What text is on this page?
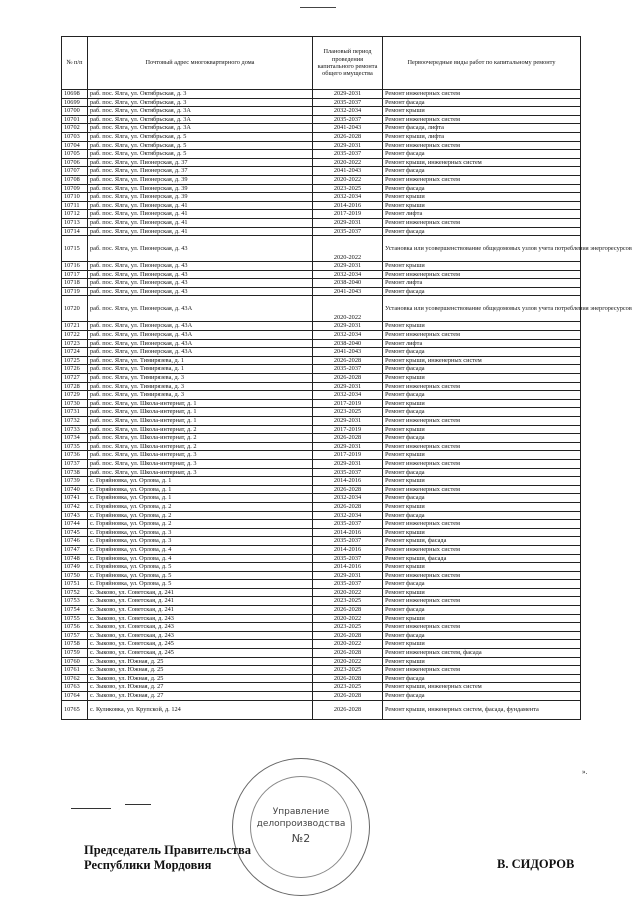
№ п/п	Почтовый адрес многоквартирного дома	Плановый период проведения капитального ремонта общего имущества	Первоочередные виды работ по капитальному ремонту
10698	раб. пос. Ялга, ул. Октябрьская, д. 3	2029-2031	Ремонт инженерных систем
10699	раб. пос. Ялга, ул. Октябрьская, д. 3	2035-2037	Ремонт фасада
10700	раб. пос. Ялга, ул. Октябрьская, д. 3А	2032-2034	Ремонт крыши
10701	раб. пос. Ялга, ул. Октябрьская, д. 3А	2035-2037	Ремонт инженерных систем
10702	раб. пос. Ялга, ул. Октябрьская, д. 3А	2041-2043	Ремонт фасада, лифта
10703	раб. пос. Ялга, ул. Октябрьская, д. 5	2026-2028	Ремонт крыши, лифта
10704	раб. пос. Ялга, ул. Октябрьская, д. 5	2029-2031	Ремонт инженерных систем
10705	раб. пос. Ялга, ул. Октябрьская, д. 5	2035-2037	Ремонт фасада
10706	раб. пос. Ялга, ул. Пионерская, д. 37	2020-2022	Ремонт крыши, инженерных систем
10707	раб. пос. Ялга, ул. Пионерская, д. 37	2041-2043	Ремонт фасада
10708	раб. пос. Ялга, ул. Пионерская, д. 39	2020-2022	Ремонт инженерных систем
10709	раб. пос. Ялга, ул. Пионерская, д. 39	2023-2025	Ремонт фасада
10710	раб. пос. Ялга, ул. Пионерская, д. 39	2032-2034	Ремонт крыши
10711	раб. пос. Ялга, ул. Пионерская, д. 41	2014-2016	Ремонт крыши
10712	раб. пос. Ялга, ул. Пионерская, д. 41	2017-2019	Ремонт лифта
10713	раб. пос. Ялга, ул. Пионерская, д. 41	2029-2031	Ремонт инженерных систем
10714	раб. пос. Ялга, ул. Пионерская, д. 41	2035-2037	Ремонт фасада
10715	раб. пос. Ялга, ул. Пионерская, д. 43	2020-2022	Установка или усовершенствование общедомовых узлов учета потребления энергоресурсов
10716	раб. пос. Ялга, ул. Пионерская, д. 43	2029-2031	Ремонт крыши
10717	раб. пос. Ялга, ул. Пионерская, д. 43	2032-2034	Ремонт инженерных систем
10718	раб. пос. Ялга, ул. Пионерская, д. 43	2038-2040	Ремонт лифта
10719	раб. пос. Ялга, ул. Пионерская, д. 43	2041-2043	Ремонт фасада
10720	раб. пос. Ялга, ул. Пионерская, д. 43А	2020-2022	Установка или усовершенствование общедомовых узлов учета потребления энергоресурсов
10721	раб. пос. Ялга, ул. Пионерская, д. 43А	2029-2031	Ремонт крыши
10722	раб. пос. Ялга, ул. Пионерская, д. 43А	2032-2034	Ремонт инженерных систем
10723	раб. пос. Ялга, ул. Пионерская, д. 43А	2038-2040	Ремонт лифта
10724	раб. пос. Ялга, ул. Пионерская, д. 43А	2041-2043	Ремонт фасада
10725	раб. пос. Ялга, ул. Тимирязева, д. 1	2026-2028	Ремонт крыши, инженерных систем
10726	раб. пос. Ялга, ул. Тимирязева, д. 1	2035-2037	Ремонт фасада
10727	раб. пос. Ялга, ул. Тимирязева, д. 3	2026-2028	Ремонт крыши
10728	раб. пос. Ялга, ул. Тимирязева, д. 3	2029-2031	Ремонт инженерных систем
10729	раб. пос. Ялга, ул. Тимирязева, д. 3	2032-2034	Ремонт фасада
10730	раб. пос. Ялга, ул. Школа-интернат, д. 1	2017-2019	Ремонт крыши
10731	раб. пос. Ялга, ул. Школа-интернат, д. 1	2023-2025	Ремонт фасада
10732	раб. пос. Ялга, ул. Школа-интернат, д. 1	2029-2031	Ремонт инженерных систем
10733	раб. пос. Ялга, ул. Школа-интернат, д. 2	2017-2019	Ремонт крыши
10734	раб. пос. Ялга, ул. Школа-интернат, д. 2	2026-2028	Ремонт фасада
10735	раб. пос. Ялга, ул. Школа-интернат, д. 2	2029-2031	Ремонт инженерных систем
10736	раб. пос. Ялга, ул. Школа-интернат, д. 3	2017-2019	Ремонт крыши
10737	раб. пос. Ялга, ул. Школа-интернат, д. 3	2029-2031	Ремонт инженерных систем
10738	раб. пос. Ялга, ул. Школа-интернат, д. 3	2035-2037	Ремонт фасада
10739	с. Горяйновка, ул. Орлова, д. 1	2014-2016	Ремонт крыши
10740	с. Горяйновка, ул. Орлова, д. 1	2026-2028	Ремонт инженерных систем
10741	с. Горяйновка, ул. Орлова, д. 1	2032-2034	Ремонт фасада
10742	с. Горяйновка, ул. Орлова, д. 2	2026-2028	Ремонт крыши
10743	с. Горяйновка, ул. Орлова, д. 2	2032-2034	Ремонт фасада
10744	с. Горяйновка, ул. Орлова, д. 2	2035-2037	Ремонт инженерных систем
10745	с. Горяйновка, ул. Орлова, д. 3	2014-2016	Ремонт крыши
10746	с. Горяйновка, ул. Орлова, д. 3	2035-2037	Ремонт крыши, фасада
10747	с. Горяйновка, ул. Орлова, д. 4	2014-2016	Ремонт инженерных систем
10748	с. Горяйновка, ул. Орлова, д. 4	2035-2037	Ремонт крыши, фасада
10749	с. Горяйновка, ул. Орлова, д. 5	2014-2016	Ремонт крыши
10750	с. Горяйновка, ул. Орлова, д. 5	2029-2031	Ремонт инженерных систем
10751	с. Горяйновка, ул. Орлова, д. 5	2035-2037	Ремонт фасада
10752	с. Зыково, ул. Советская, д. 241	2020-2022	Ремонт крыши
10753	с. Зыково, ул. Советская, д. 241	2023-2025	Ремонт инженерных систем
10754	с. Зыково, ул. Советская, д. 241	2026-2028	Ремонт фасада
10755	с. Зыково, ул. Советская, д. 243	2020-2022	Ремонт крыши
10756	с. Зыково, ул. Советская, д. 243	2023-2025	Ремонт инженерных систем
10757	с. Зыково, ул. Советская, д. 243	2026-2028	Ремонт фасада
10758	с. Зыково, ул. Советская, д. 245	2020-2022	Ремонт крыши
10759	с. Зыково, ул. Советская, д. 245	2026-2028	Ремонт инженерных систем, фасада
10760	с. Зыково, ул. Южная, д. 25	2020-2022	Ремонт крыши
10761	с. Зыково, ул. Южная, д. 25	2023-2025	Ремонт инженерных систем
10762	с. Зыково, ул. Южная, д. 25	2026-2028	Ремонт фасада
10763	с. Зыково, ул. Южная, д. 27	2023-2025	Ремонт крыши, инженерных систем
10764	с. Зыково, ул. Южная, д. 27	2026-2028	Ремонт фасада
10765	с. Куликовка, ул. Крупской, д. 124	2026-2028	Ремонт крыши, инженерных систем, фасада, фундамента
».
Управление
делопроизводства
№2
Председатель Правительства
Республики Мордовия	В. СИДОРОВ
